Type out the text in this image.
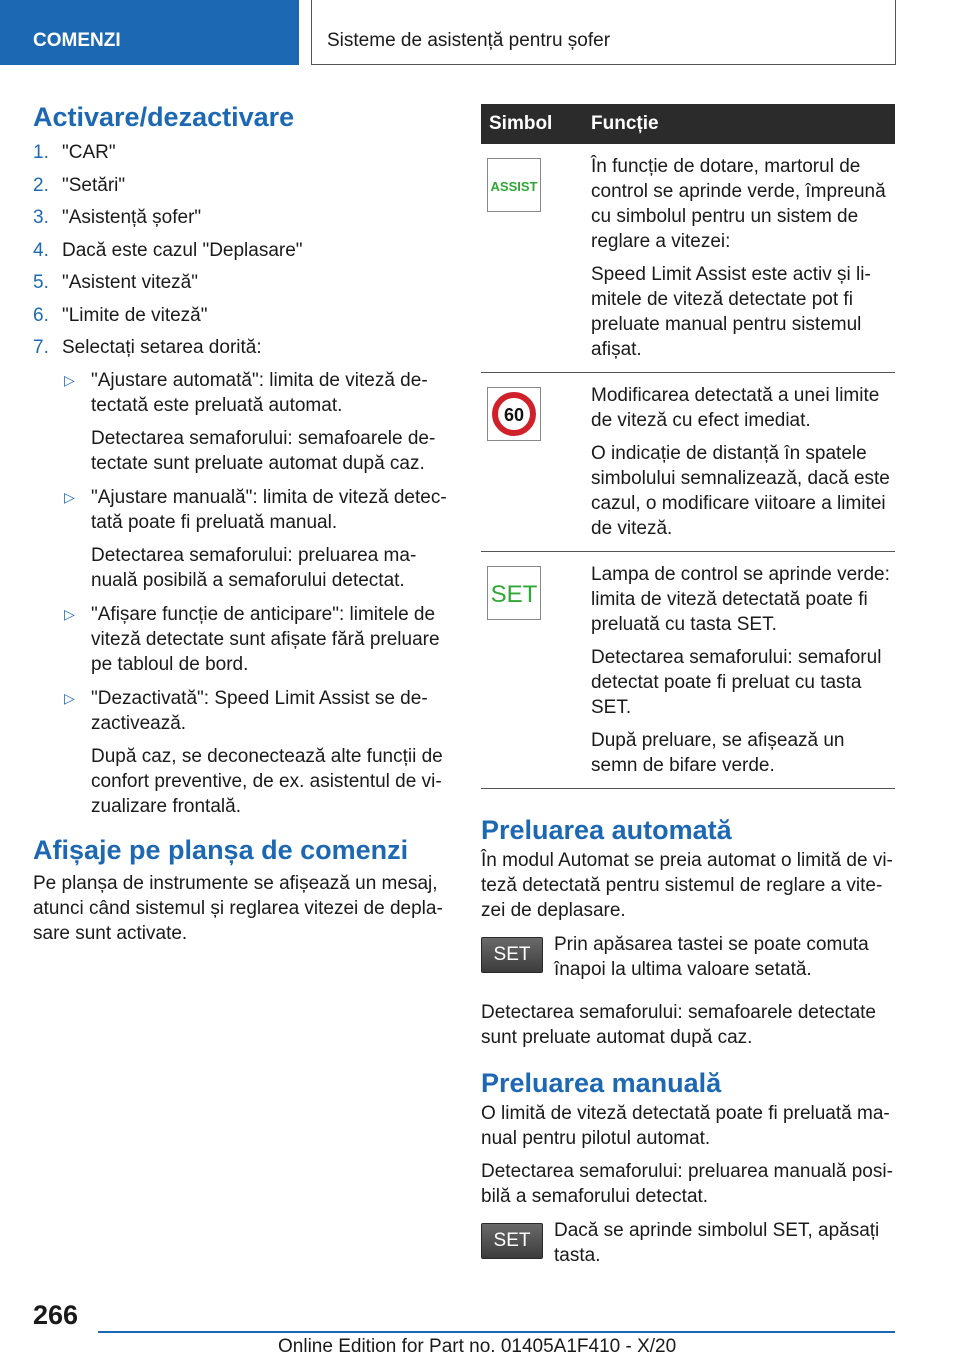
COMENZI	Sisteme de asistență pentru șofer
Activare/dezactivare
1. "CAR"
2. "Setări"
3. "Asistență șofer"
4. Dacă este cazul "Deplasare"
5. "Asistent viteză"
6. "Limite de viteză"
7. Selectați setarea dorită:
▷ "Ajustare automată": limita de viteză detectată este preluată automat.
Detectarea semaforului: semafoarele detectate sunt preluate automat după caz.
▷ "Ajustare manuală": limita de viteză detectată poate fi preluată manual.
Detectarea semaforului: preluarea manuală posibilă a semaforului detectat.
▷ "Afișare funcție de anticipare": limitele de viteză detectate sunt afișate fără preluare pe tabloul de bord.
▷ "Dezactivată": Speed Limit Assist se dezactivează.
După caz, se deconectează alte funcții de confort preventive, de ex. asistentul de vizualizare frontală.
Afișaje pe planșa de comenzi

Pe planșa de instrumente se afișează un mesaj, atunci când sistemul și reglarea vitezei de deplasare sunt activate.

Simbol	Funcție

ASSIST	În funcție de dotare, martorul de control se aprinde verde, împreună cu simbolul pentru un sistem de reglare a vitezei:

Speed Limit Assist este activ și limitele de viteză detectate pot fi preluate manual pentru sistemul afișat.

60	Modificarea detectată a unei limite de viteză cu efect imediat.

O indicație de distanță în spatele simbolului semnalizează, dacă este cazul, o modificare viitoare a limitei de viteză.

SET	Lampa de control se aprinde verde: limita de viteză detectată poate fi preluată cu tasta SET.

Detectarea semaforului: semaforul detectat poate fi preluat cu tasta SET.

După preluare, se afișează un semn de bifare verde.

Preluarea automată

În modul Automat se preia automat o limită de viteză detectată pentru sistemul de reglare a vitezei de deplasare.

SET	Prin apăsarea tastei se poate comuta înapoi la ultima valoare setată.

Detectarea semaforului: semafoarele detectate sunt preluate automat după caz.

Preluarea manuală

O limită de viteză detectată poate fi preluată manual pentru pilotul automat.

Detectarea semaforului: preluarea manuală posibilă a semaforului detectat.

SET	Dacă se aprinde simbolul SET, apăsați tasta.

266
Online Edition for Part no. 01405A1F410 - X/20
